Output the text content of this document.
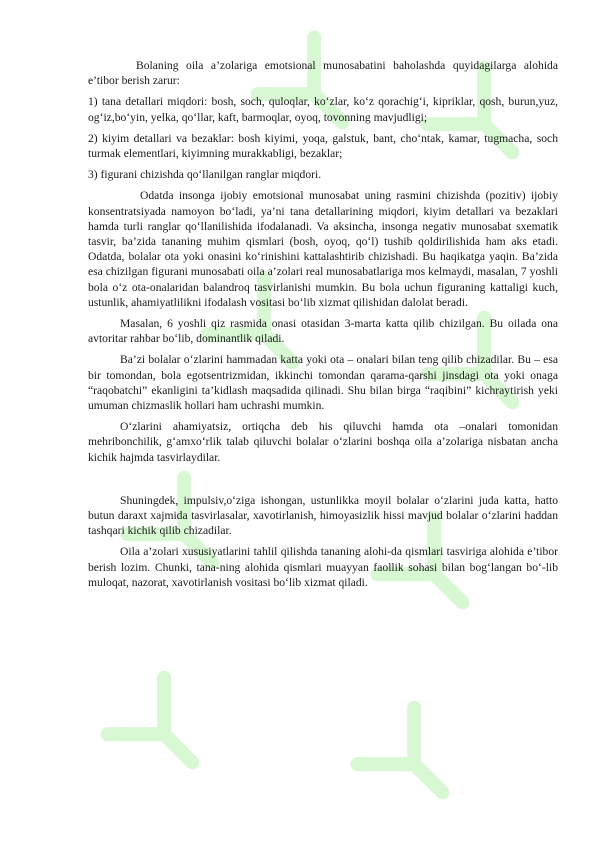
Bolaning oila a’zolariga emotsional munosabatini baholashda quyidagilarga alohida e’tibor berish zarur:

1) tana detallari miqdori: bosh, soch, quloqlar, ko‘zlar, ko‘z qorachig‘i, kipriklar, qosh, burun,yuz, og‘iz,bo‘yin, yelka, qo‘llar, kaft, barmoqlar, oyoq, tovonning mavjudligi;

2) kiyim detallari va bezaklar: bosh kiyimi, yoqa, galstuk, bant, cho‘ntak, kamar, tugmacha, soch turmak elementlari, kiyimning murakkabligi, bezaklar;

3) figurani chizishda qo‘llanilgan ranglar miqdori.

Odatda insonga ijobiy emotsional munosabat uning rasmini chizishda (pozitiv) ijobiy konsentratsiyada namoyon bo‘ladi, ya’ni tana detallarining miqdori, kiyim detallari va bezaklari hamda turli ranglar qo‘llanilishida ifodalanadi. Va aksincha, insonga negativ munosabat sxematik tasvir, ba’zida tananing muhim qismlari (bosh, oyoq, qo‘l) tushib qoldirilishida ham aks etadi. Odatda, bolalar ota yoki onasini ko‘rinishini kattalashtirib chizishadi. Bu haqikatga yaqin. Ba’zida esa chizilgan figurani munosabati oila a’zolari real munosabatlariga mos kelmaydi, masalan, 7 yoshli bola o‘z ota-onalaridan balandroq tasvirlanishi mumkin. Bu bola uchun figuraning kattaligi kuch, ustunlik, ahamiyatlilikni ifodalash vositasi bo‘lib xizmat qilishidan dalolat beradi.

Masalan, 6 yoshli qiz rasmida onasi otasidan 3-marta katta qilib chizilgan. Bu oilada ona avtoritar rahbar bo‘lib, dominantlik qiladi.

Ba’zi bolalar o‘zlarini hammadan katta yoki ota – onalari bilan teng qilib chizadilar. Bu – esa bir tomondan, bola egotsentrizmidan, ikkinchi tomondan qarama-qarshi jinsdagi ota yoki onaga “raqobatchi” ekanligini ta’kidlash maqsadida qilinadi. Shu bilan birga “raqibini” kichraytirish yeki umuman chizmaslik hollari ham uchrashi mumkin.

O‘zlarini ahamiyatsiz, ortiqcha deb his qiluvchi hamda ota –onalari tomonidan mehribonchilik, g‘amxo‘rlik talab qiluvchi bolalar o‘zlarini boshqa oila a’zolariga nisbatan ancha kichik hajmda tasvirlaydilar.

Shuningdek, impulsiv,o‘ziga ishongan, ustunlikka moyil bolalar o‘zlarini juda katta, hatto butun daraxt xajmida tasvirlasalar, xavotirlanish, himoyasizlik hissi mavjud bolalar o‘zlarini haddan tashqari kichik qilib chizadilar.

Oila a’zolari xususiyatlarini tahlil qilishda tananing alohi-da qismlari tasviriga alohida e’tibor berish lozim. Chunki, tana-ning alohida qismlari muayyan faollik sohasi bilan bog‘langan bo‘-lib muloqat, nazorat, xavotirlanish vositasi bo‘lib xizmat qiladi.
